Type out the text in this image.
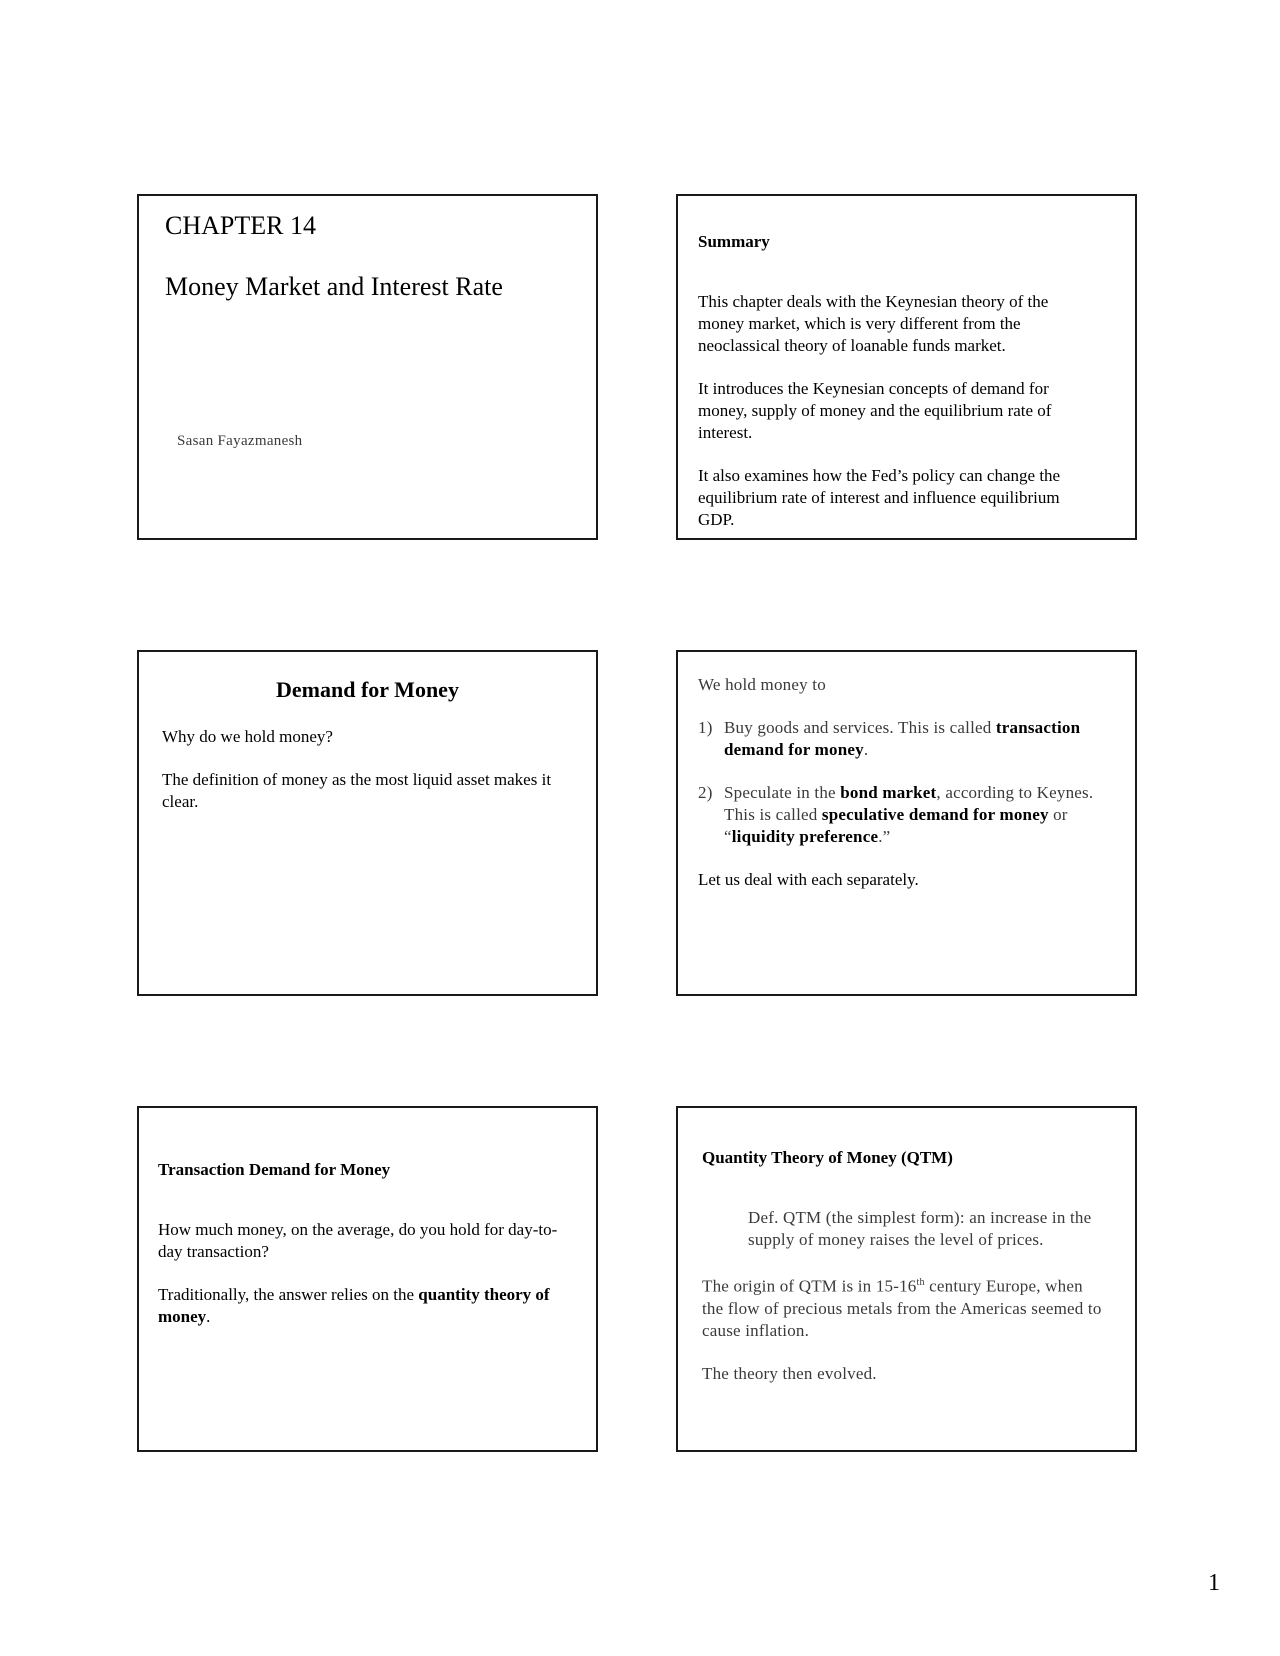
CHAPTER 14
Money Market and Interest Rate
Sasan Fayazmanesh

Summary

This chapter deals with the Keynesian theory of the money market, which is very different from the neoclassical theory of loanable funds market.

It introduces the Keynesian concepts of demand for money, supply of money and the equilibrium rate of interest.

It also examines how the Fed’s policy can change the equilibrium rate of interest and influence equilibrium GDP.

Demand for Money

Why do we hold money?

The definition of money as the most liquid asset makes it clear.

We hold money to

1) Buy goods and services. This is called transaction demand for money.
2) Speculate in the bond market, according to Keynes. This is called speculative demand for money or “liquidity preference.”

Let us deal with each separately.

Transaction Demand for Money

How much money, on the average, do you hold for day-to-day transaction?

Traditionally, the answer relies on the quantity theory of money.

Quantity Theory of Money (QTM)

Def. QTM (the simplest form): an increase in the supply of money raises the level of prices.

The origin of QTM is in 15-16th century Europe, when the flow of precious metals from the Americas seemed to cause inflation.

The theory then evolved.

1
